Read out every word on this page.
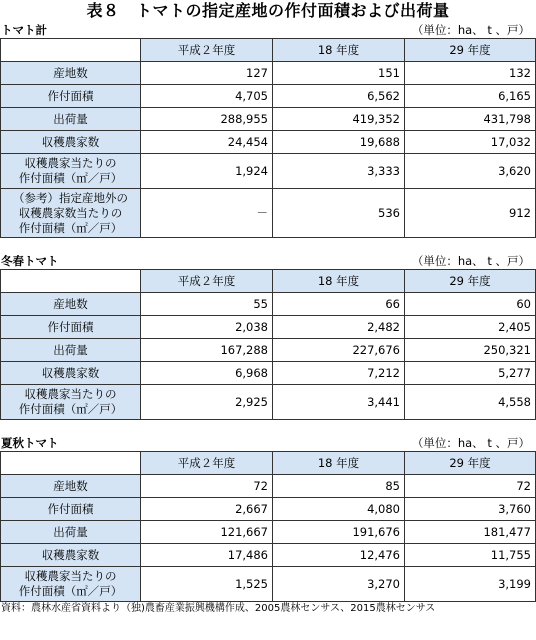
表８　トマトの指定産地の作付面積および出荷量
トマト計	（単位：ha、 t 、戸）
	平成２年度	18 年度	29 年度
産地数	127	151	132
作付面積	4,705	6,562	6,165
出荷量	288,955	419,352	431,798
収穫農家数	24,454	19,688	17,032
収穫農家当たりの
作付面積（㎡／戸）	1,924	3,333	3,620
（参考）指定産地外の
収穫農家数当たりの
作付面積（㎡／戸）	－	536	912
冬春トマト	（単位：ha、 t 、戸）
	平成２年度	18 年度	29 年度
産地数	55	66	60
作付面積	2,038	2,482	2,405
出荷量	167,288	227,676	250,321
収穫農家数	6,968	7,212	5,277
収穫農家当たりの
作付面積（㎡／戸）	2,925	3,441	4,558
夏秋トマト	（単位：ha、 t 、戸）
	平成２年度	18 年度	29 年度
産地数	72	85	72
作付面積	2,667	4,080	3,760
出荷量	121,667	191,676	181,477
収穫農家数	17,486	12,476	11,755
収穫農家当たりの
作付面積（㎡／戸）	1,525	3,270	3,199
資料：農林水産省資料より（独)農畜産業振興機構作成、2005農林センサス、2015農林センサス
